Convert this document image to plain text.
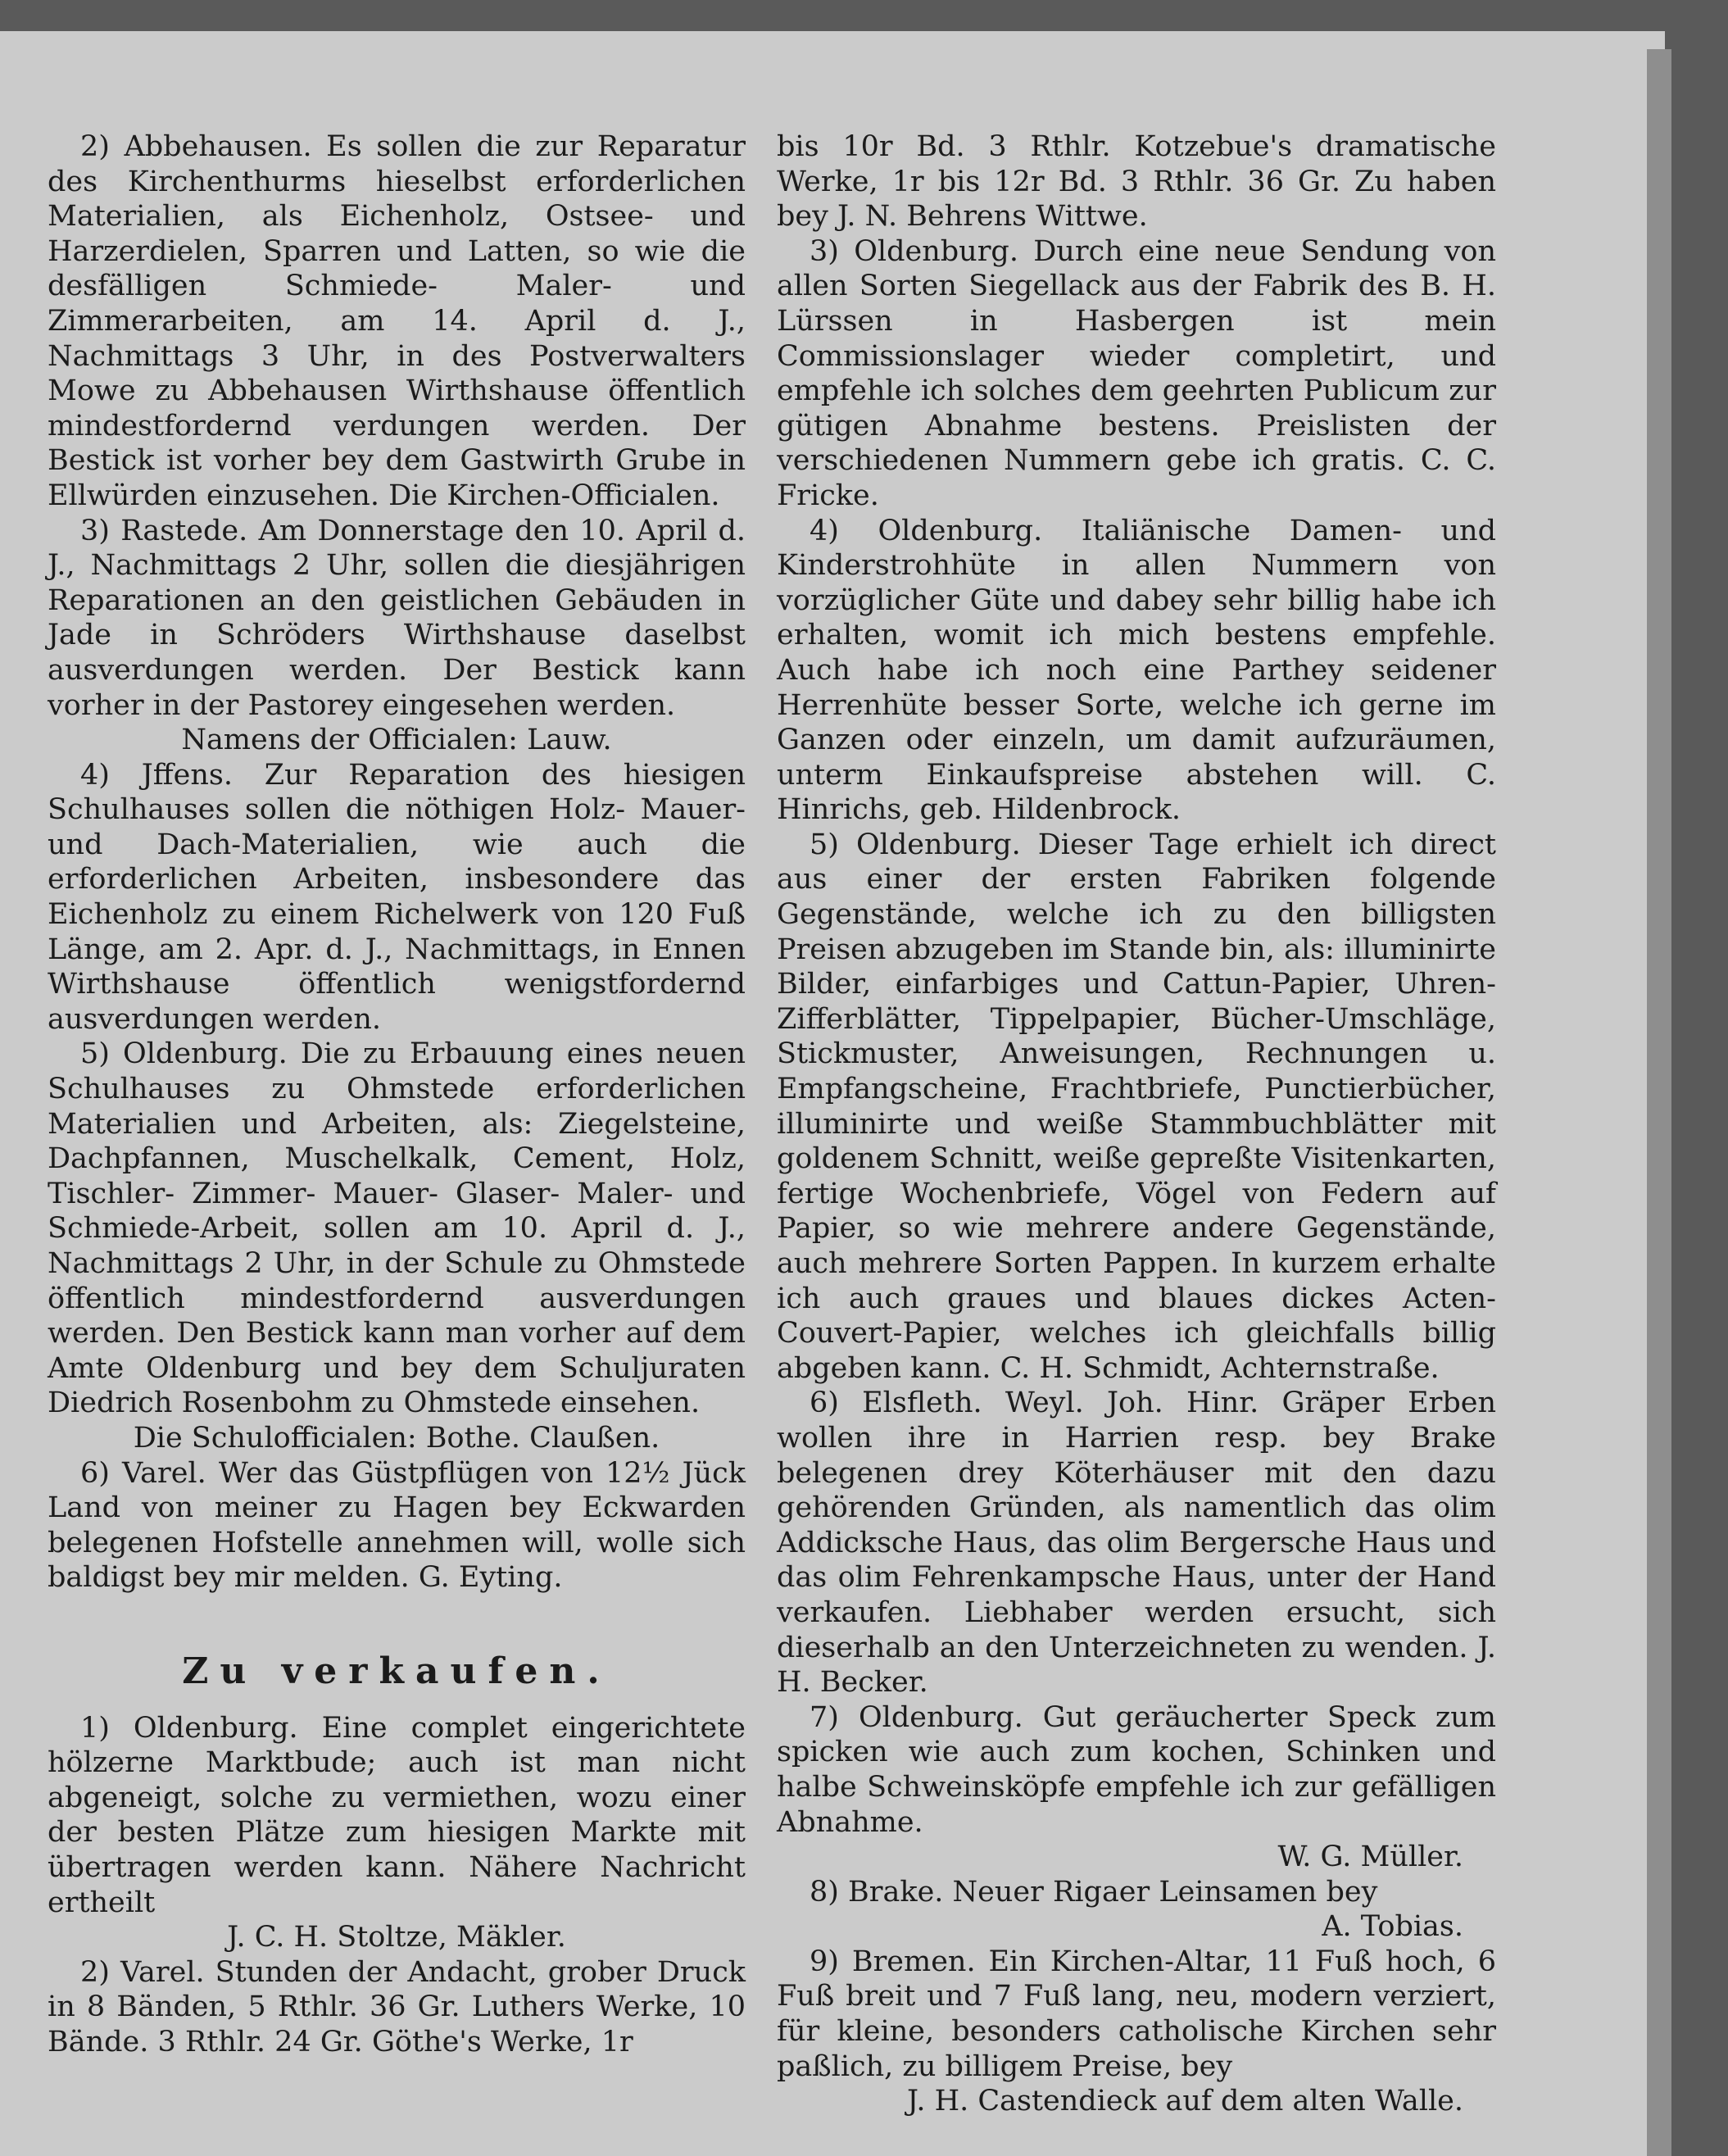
2) Abbehausen. Es sollen die zur Reparatur des Kirchenthurms hieselbst erforderlichen Materialien, als Eichenholz, Ostsee- und Harzerdielen, Sparren und Latten, so wie die desfälligen Schmiede- Maler- und Zimmerarbeiten, am 14. April d. J., Nachmittags 3 Uhr, in des Postverwalters Mowe zu Abbehausen Wirthshause öffentlich mindestfordernd verdungen werden. Der Bestick ist vorher bey dem Gastwirth Grube in Ellwürden einzusehen. Die Kirchen-Officialen.

3) Rastede. Am Donnerstage den 10. April d. J., Nachmittags 2 Uhr, sollen die diesjährigen Reparationen an den geistlichen Gebäuden in Jade in Schröders Wirthshause daselbst ausverdungen werden. Der Bestick kann vorher in der Pastorey eingesehen werden.

Namens der Officialen: Lauw.

4) Jffens. Zur Reparation des hiesigen Schulhauses sollen die nöthigen Holz- Mauer- und Dach-Materialien, wie auch die erforderlichen Arbeiten, insbesondere das Eichenholz zu einem Richelwerk von 120 Fuß Länge, am 2. Apr. d. J., Nachmittags, in Ennen Wirthshause öffentlich wenigstfordernd ausverdungen werden.

5) Oldenburg. Die zu Erbauung eines neuen Schulhauses zu Ohmstede erforderlichen Materialien und Arbeiten, als: Ziegelsteine, Dachpfannen, Muschelkalk, Cement, Holz, Tischler- Zimmer- Mauer- Glaser- Maler- und Schmiede-Arbeit, sollen am 10. April d. J., Nachmittags 2 Uhr, in der Schule zu Ohmstede öffentlich mindestfordernd ausverdungen werden. Den Bestick kann man vorher auf dem Amte Oldenburg und bey dem Schuljuraten Diedrich Rosenbohm zu Ohmstede einsehen.

Die Schulofficialen: Bothe. Claußen.

6) Varel. Wer das Güstpflügen von 12½ Jück Land von meiner zu Hagen bey Eckwarden belegenen Hofstelle annehmen will, wolle sich baldigst bey mir melden. G. Eyting.

Zu verkaufen.

1) Oldenburg. Eine complet eingerichtete hölzerne Marktbude; auch ist man nicht abgeneigt, solche zu vermiethen, wozu einer der besten Plätze zum hiesigen Markte mit übertragen werden kann. Nähere Nachricht ertheilt

J. C. H. Stoltze, Mäkler.

2) Varel. Stunden der Andacht, grober Druck in 8 Bänden, 5 Rthlr. 36 Gr. Luthers Werke, 10 Bände. 3 Rthlr. 24 Gr. Göthe's Werke, 1r

bis 10r Bd. 3 Rthlr. Kotzebue's dramatische Werke, 1r bis 12r Bd. 3 Rthlr. 36 Gr. Zu haben bey J. N. Behrens Wittwe.

3) Oldenburg. Durch eine neue Sendung von allen Sorten Siegellack aus der Fabrik des B. H. Lürssen in Hasbergen ist mein Commissionslager wieder completirt, und empfehle ich solches dem geehrten Publicum zur gütigen Abnahme bestens. Preislisten der verschiedenen Nummern gebe ich gratis. C. C. Fricke.

4) Oldenburg. Italiänische Damen- und Kinderstrohhüte in allen Nummern von vorzüglicher Güte und dabey sehr billig habe ich erhalten, womit ich mich bestens empfehle. Auch habe ich noch eine Parthey seidener Herrenhüte besser Sorte, welche ich gerne im Ganzen oder einzeln, um damit aufzuräumen, unterm Einkaufspreise abstehen will. C. Hinrichs, geb. Hildenbrock.

5) Oldenburg. Dieser Tage erhielt ich direct aus einer der ersten Fabriken folgende Gegenstände, welche ich zu den billigsten Preisen abzugeben im Stande bin, als: illuminirte Bilder, einfarbiges und Cattun-Papier, Uhren-Zifferblätter, Tippelpapier, Bücher-Umschläge, Stickmuster, Anweisungen, Rechnungen u. Empfangscheine, Frachtbriefe, Punctierbücher, illuminirte und weiße Stammbuchblätter mit goldenem Schnitt, weiße gepreßte Visitenkarten, fertige Wochenbriefe, Vögel von Federn auf Papier, so wie mehrere andere Gegenstände, auch mehrere Sorten Pappen. In kurzem erhalte ich auch graues und blaues dickes Acten-Couvert-Papier, welches ich gleichfalls billig abgeben kann. C. H. Schmidt, Achternstraße.

6) Elsfleth. Weyl. Joh. Hinr. Gräper Erben wollen ihre in Harrien resp. bey Brake belegenen drey Köterhäuser mit den dazu gehörenden Gründen, als namentlich das olim Addicksche Haus, das olim Bergersche Haus und das olim Fehrenkampsche Haus, unter der Hand verkaufen. Liebhaber werden ersucht, sich dieserhalb an den Unterzeichneten zu wenden. J. H. Becker.

7) Oldenburg. Gut geräucherter Speck zum spicken wie auch zum kochen, Schinken und halbe Schweinsköpfe empfehle ich zur gefälligen Abnahme.

W. G. Müller.

8) Brake. Neuer Rigaer Leinsamen bey

A. Tobias.

9) Bremen. Ein Kirchen-Altar, 11 Fuß hoch, 6 Fuß breit und 7 Fuß lang, neu, modern verziert, für kleine, besonders catholische Kirchen sehr paßlich, zu billigem Preise, bey

J. H. Castendieck auf dem alten Walle.
